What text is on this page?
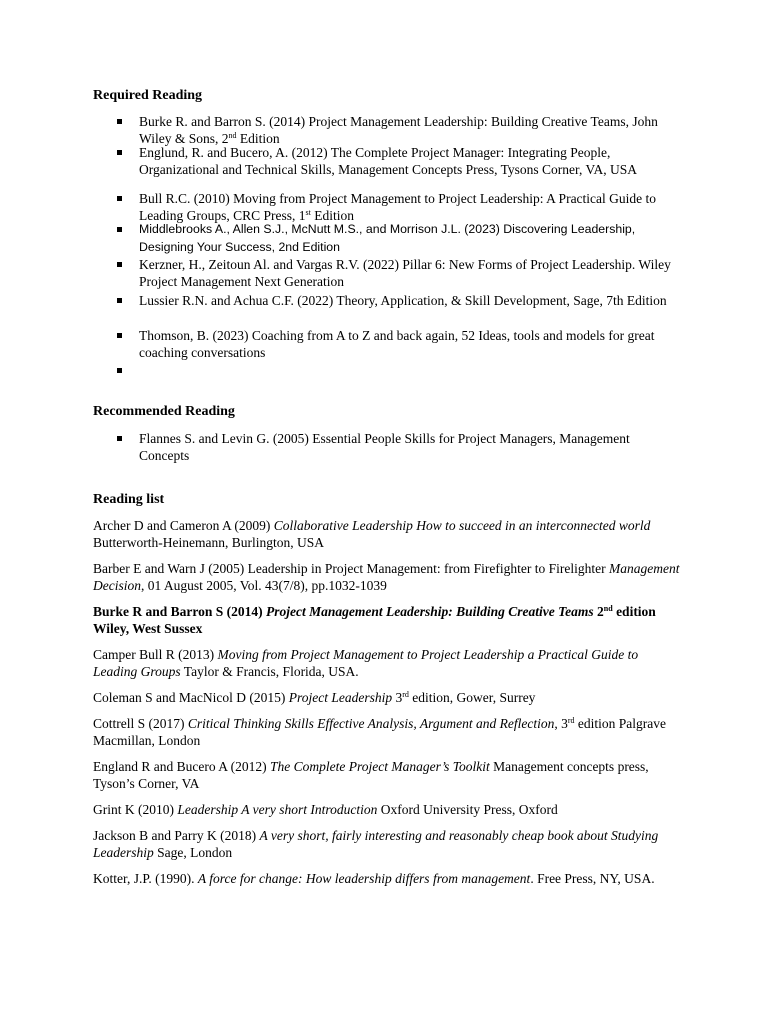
Required Reading
Burke R. and Barron S. (2014) Project Management Leadership: Building Creative Teams, John Wiley & Sons, 2nd Edition
Englund, R. and Bucero, A. (2012) The Complete Project Manager: Integrating People, Organizational and Technical Skills, Management Concepts Press, Tysons Corner, VA, USA
Bull R.C. (2010) Moving from Project Management to Project Leadership: A Practical Guide to Leading Groups, CRC Press, 1st Edition
Middlebrooks A., Allen S.J., McNutt M.S., and Morrison J.L. (2023) Discovering Leadership, Designing Your Success, 2nd Edition
Kerzner, H., Zeitoun Al. and Vargas R.V. (2022) Pillar 6: New Forms of Project Leadership. Wiley Project Management Next Generation
Lussier R.N. and Achua C.F. (2022) Theory, Application, & Skill Development, Sage, 7th Edition
Thomson, B. (2023) Coaching from A to Z and back again, 52 Ideas, tools and models for great coaching conversations
Recommended Reading
Flannes S. and Levin G. (2005) Essential People Skills for Project Managers, Management Concepts
Reading list
Archer D and Cameron A (2009) Collaborative Leadership How to succeed in an interconnected world Butterworth-Heinemann, Burlington, USA
Barber E and Warn J (2005) Leadership in Project Management: from Firefighter to Firelighter Management Decision, 01 August 2005, Vol. 43(7/8), pp.1032-1039
Burke R and Barron S (2014) Project Management Leadership: Building Creative Teams 2nd edition Wiley, West Sussex
Camper Bull R (2013) Moving from Project Management to Project Leadership a Practical Guide to Leading Groups Taylor & Francis, Florida, USA.
Coleman S and MacNicol D (2015) Project Leadership 3rd edition, Gower, Surrey
Cottrell S (2017) Critical Thinking Skills Effective Analysis, Argument and Reflection, 3rd edition Palgrave Macmillan, London
England R and Bucero A (2012) The Complete Project Manager’s Toolkit Management concepts press, Tyson’s Corner, VA
Grint K (2010) Leadership A very short Introduction Oxford University Press, Oxford
Jackson B and Parry K (2018) A very short, fairly interesting and reasonably cheap book about Studying Leadership Sage, London
Kotter, J.P. (1990). A force for change: How leadership differs from management. Free Press, NY, USA.
